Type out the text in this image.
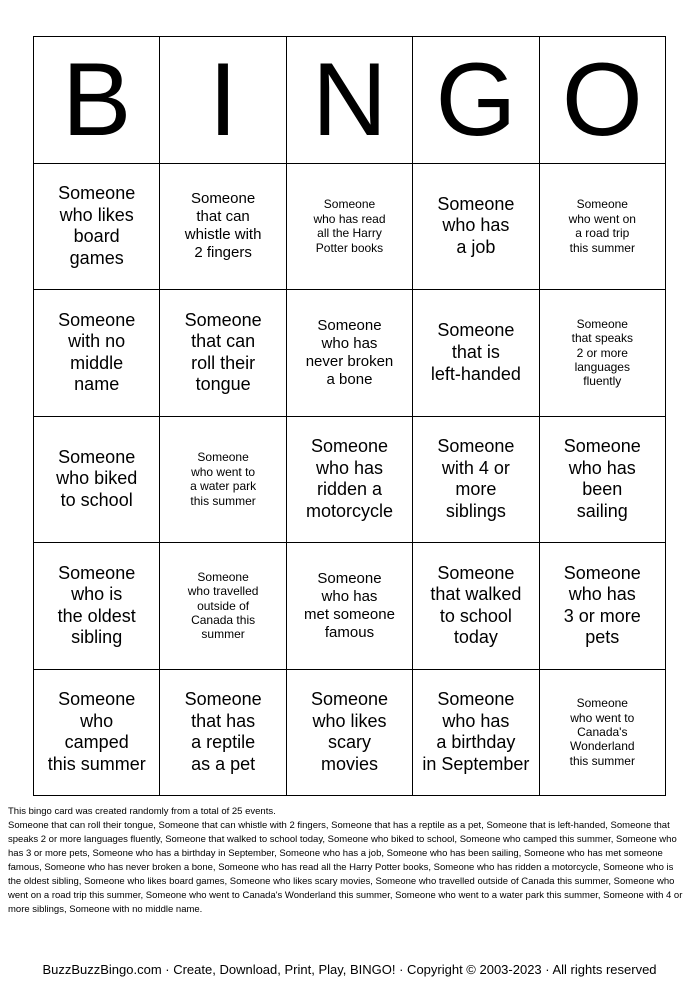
B I N G O
Someone
who likes
board
games
Someone
that can
whistle with
2 fingers
Someone
who has read
all the Harry
Potter books
Someone
who has
a job
Someone
who went on
a road trip
this summer
Someone
with no
middle
name
Someone
that can
roll their
tongue
Someone
who has
never broken
a bone
Someone
that is
left-handed
Someone
that speaks
2 or more
languages
fluently
Someone
who biked
to school
Someone
who went to
a water park
this summer
Someone
who has
ridden a
motorcycle
Someone
with 4 or
more
siblings
Someone
who has
been
sailing
Someone
who is
the oldest
sibling
Someone
who travelled
outside of
Canada this
summer
Someone
who has
met someone
famous
Someone
that walked
to school
today
Someone
who has
3 or more
pets
Someone
who
camped
this summer
Someone
that has
a reptile
as a pet
Someone
who likes
scary
movies
Someone
who has
a birthday
in September
Someone
who went to
Canada's
Wonderland
this summer

This bingo card was created randomly from a total of 25 events.

Someone that can roll their tongue, Someone that can whistle with 2 fingers, Someone that has a reptile as a pet, Someone that is left-handed, Someone that speaks 2 or more languages fluently, Someone that walked to school today, Someone who biked to school, Someone who camped this summer, Someone who has 3 or more pets, Someone who has a birthday in September, Someone who has a job, Someone who has been sailing, Someone who has met someone famous, Someone who has never broken a bone, Someone who has read all the Harry Potter books, Someone who has ridden a motorcycle, Someone who is the oldest sibling, Someone who likes board games, Someone who likes scary movies, Someone who travelled outside of Canada this summer, Someone who went on a road trip this summer, Someone who went to Canada's Wonderland this summer, Someone who went to a water park this summer, Someone with 4 or more siblings, Someone with no middle name.

BuzzBuzzBingo.com · Create, Download, Print, Play, BINGO! · Copyright © 2003-2023 · All rights reserved
